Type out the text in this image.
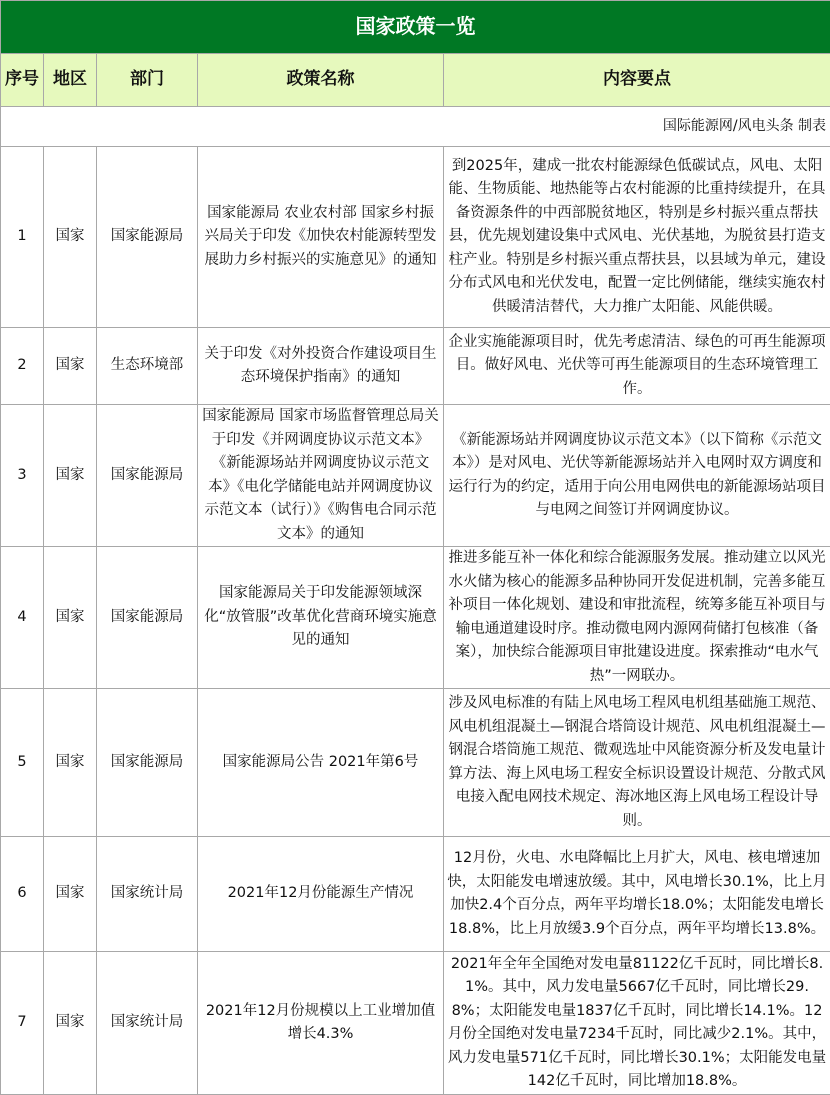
国家政策一览				
序号	地区	部门	政策名称	内容要点
国际能源网/风电头条 制表				
1	国家	国家能源局	国家能源局 农业农村部 国家乡村振兴局关于印发《加快农村能源转型发展助力乡村振兴的实施意见》的通知	到2025年，建成一批农村能源绿色低碳试点，风电、太阳能、生物质能、地热能等占农村能源的比重持续提升，在具备资源条件的中西部脱贫地区，特别是乡村振兴重点帮扶县，优先规划建设集中式风电、光伏基地，为脱贫县打造支柱产业。特别是乡村振兴重点帮扶县，以县域为单元，建设分布式风电和光伏发电，配置一定比例储能，继续实施农村供暖清洁替代，大力推广太阳能、风能供暖。
2	国家	生态环境部	关于印发《对外投资合作建设项目生态环境保护指南》的通知	企业实施能源项目时，优先考虑清洁、绿色的可再生能源项目。做好风电、光伏等可再生能源项目的生态环境管理工作。
3	国家	国家能源局	国家能源局 国家市场监督管理总局关于印发《并网调度协议示范文本》《新能源场站并网调度协议示范文本》《电化学储能电站并网调度协议示范文本（试行）》《购售电合同示范文本》的通知	《新能源场站并网调度协议示范文本》（以下简称《示范文本》）是对风电、光伏等新能源场站并入电网时双方调度和运行行为的约定，适用于向公用电网供电的新能源场站项目与电网之间签订并网调度协议。
4	国家	国家能源局	国家能源局关于印发能源领域深化“放管服”改革优化营商环境实施意见的通知	推进多能互补一体化和综合能源服务发展。推动建立以风光水火储为核心的能源多品种协同开发促进机制，完善多能互补项目一体化规划、建设和审批流程，统筹多能互补项目与输电通道建设时序。推动微电网内源网荷储打包核准（备案），加快综合能源项目审批建设进度。探索推动“电水气热”一网联办。
5	国家	国家能源局	国家能源局公告 2021年第6号	涉及风电标准的有陆上风电场工程风电机组基础施工规范、风电机组混凝土—钢混合塔筒设计规范、风电机组混凝土—钢混合塔筒施工规范、微观选址中风能资源分析及发电量计算方法、海上风电场工程安全标识设置设计规范、分散式风电接入配电网技术规定、海冰地区海上风电场工程设计导则。
6	国家	国家统计局	2021年12月份能源生产情况	12月份，火电、水电降幅比上月扩大，风电、核电增速加快，太阳能发电增速放缓。其中，风电增长30.1%，比上月加快2.4个百分点，两年平均增长18.0%；太阳能发电增长18.8%，比上月放缓3.9个百分点，两年平均增长13.8%。
7	国家	国家统计局	2021年12月份规模以上工业增加值增长4.3%	2021年全年全国绝对发电量81122亿千瓦时，同比增长8.1%。其中，风力发电量5667亿千瓦时，同比增长29.8%；太阳能发电量1837亿千瓦时，同比增长14.1%。12月份全国绝对发电量7234千瓦时，同比减少2.1%。其中，风力发电量571亿千瓦时，同比增长30.1%；太阳能发电量142亿千瓦时，同比增加18.8%。
